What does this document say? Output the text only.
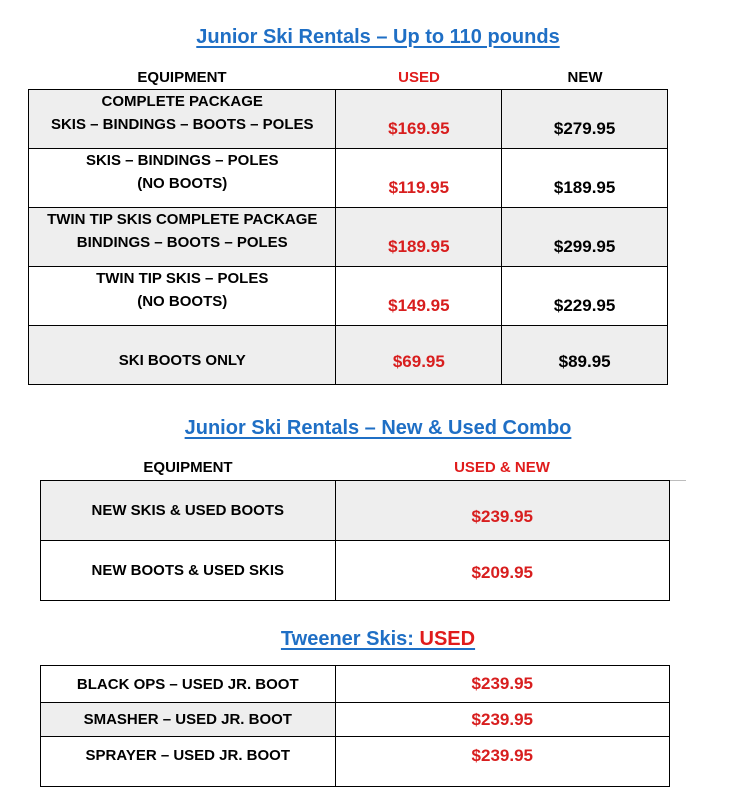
Junior Ski Rentals – Up to 110 pounds
EQUIPMENT	USED	NEW
COMPLETE PACKAGE
SKIS – BINDINGS – BOOTS – POLES	$169.95	$279.95

SKIS – BINDINGS – POLES
(NO BOOTS)	$119.95	$189.95

TWIN TIP SKIS COMPLETE PACKAGE
BINDINGS – BOOTS – POLES	$189.95	$299.95

TWIN TIP SKIS – POLES
(NO BOOTS)	$149.95	$229.95

SKI BOOTS ONLY	$69.95	$89.95
Junior Ski Rentals – New & Used Combo
EQUIPMENT	USED & NEW
NEW SKIS & USED BOOTS	$239.95
NEW BOOTS & USED SKIS	$209.95
Tweener Skis: USED
BLACK OPS – USED JR. BOOT	$239.95
SMASHER – USED JR. BOOT	$239.95
SPRAYER – USED JR. BOOT	$239.95
